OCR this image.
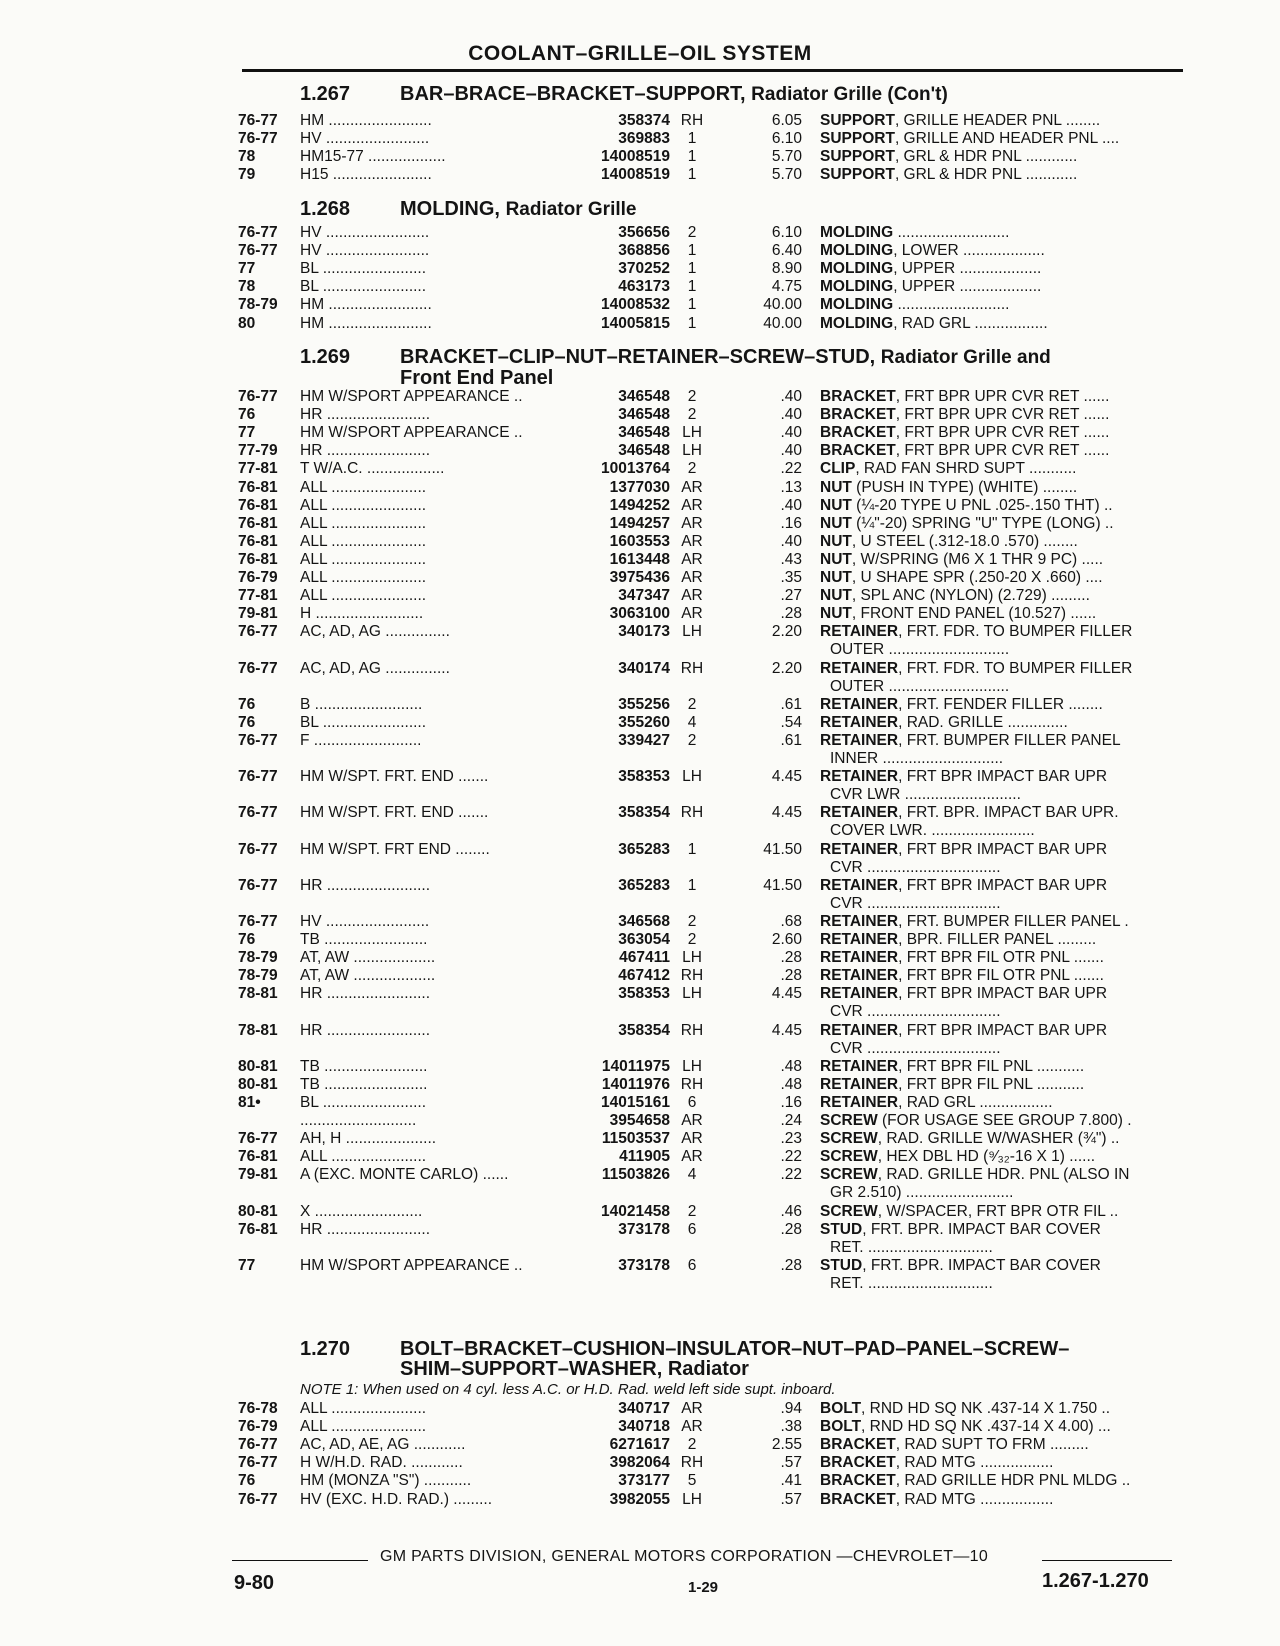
COOLANT–GRILLE–OIL SYSTEM
1.267 BAR–BRACE–BRACKET–SUPPORT, Radiator Grille (Con't)
76-77 HM ........................	358374 RH	6.05 SUPPORT, GRILLE HEADER PNL ........
76-77 HV ........................	369883	1	6.10 SUPPORT, GRILLE AND HEADER PNL ....
78	HM15-77 ..................	14008519	1	5.70 SUPPORT, GRL & HDR PNL ............
79	H15 .......................	14008519	1	5.70 SUPPORT, GRL & HDR PNL ............
1.268 MOLDING, Radiator Grille
76-77 HV ........................	356656	2	6.10 MOLDING ..........................
76-77 HV ........................	368856	1	6.40 MOLDING, LOWER ...................
77	BL ........................	370252	1	8.90 MOLDING, UPPER ...................
78	BL ........................	463173	1	4.75 MOLDING, UPPER ...................
78-79 HM ........................	14008532	1	40.00 MOLDING ..........................
80	HM ........................	14005815	1	40.00 MOLDING, RAD GRL .................
1.269 BRACKET–CLIP–NUT–RETAINER–SCREW–STUD, Radiator Grille and
Front End Panel
76-77 HM W/SPORT APPEARANCE ..	346548	2	.40 BRACKET, FRT BPR UPR CVR RET ......
76	HR ........................	346548	2	.40 BRACKET, FRT BPR UPR CVR RET ......
77	HM W/SPORT APPEARANCE ..	346548 LH	.40 BRACKET, FRT BPR UPR CVR RET ......
77-79 HR ........................	346548 LH	.40 BRACKET, FRT BPR UPR CVR RET ......
77-81 T W/A.C. ..................	10013764	2	.22 CLIP, RAD FAN SHRD SUPT ...........
76-81 ALL ......................	1377030 AR	.13 NUT (PUSH IN TYPE) (WHITE) ........
76-81 ALL ......................	1494252 AR	.40 NUT (¼-20 TYPE U PNL .025-.150 THT) ..
76-81 ALL ......................	1494257 AR	.16 NUT (¼"-20) SPRING "U" TYPE (LONG) ..
76-81 ALL ......................	1603553 AR	.40 NUT, U STEEL (.312-18.0 .570) ........
76-81 ALL ......................	1613448 AR	.43 NUT, W/SPRING (M6 X 1 THR 9 PC) .....
76-79 ALL ......................	3975436 AR	.35 NUT, U SHAPE SPR (.250-20 X .660) ....
77-81 ALL ......................	347347 AR	.27 NUT, SPL ANC (NYLON) (2.729) .........
79-81 H .........................	3063100 AR	.28 NUT, FRONT END PANEL (10.527) ......
76-77 AC, AD, AG ...............	340173 LH	2.20 RETAINER, FRT. FDR. TO BUMPER FILLER
OUTER ............................
76-77 AC, AD, AG ...............	340174 RH	2.20 RETAINER, FRT. FDR. TO BUMPER FILLER
OUTER ............................
76	B .........................	355256	2	.61 RETAINER, FRT. FENDER FILLER ........
76	BL ........................	355260	4	.54 RETAINER, RAD. GRILLE ..............
76-77 F .........................	339427	2	.61 RETAINER, FRT. BUMPER FILLER PANEL
INNER ............................
76-77 HM W/SPT. FRT. END .......	358353 LH	4.45 RETAINER, FRT BPR IMPACT BAR UPR
CVR LWR ...........................
76-77 HM W/SPT. FRT. END .......	358354 RH	4.45 RETAINER, FRT. BPR. IMPACT BAR UPR.
COVER LWR. ........................
76-77 HM W/SPT. FRT END ........	365283	1	41.50 RETAINER, FRT BPR IMPACT BAR UPR
CVR ...............................
76-77 HR ........................	365283	1	41.50 RETAINER, FRT BPR IMPACT BAR UPR
CVR ...............................
76-77 HV ........................	346568	2	.68 RETAINER, FRT. BUMPER FILLER PANEL .
76	TB ........................	363054	2	2.60 RETAINER, BPR. FILLER PANEL .........
78-79 AT, AW ...................	467411 LH	.28 RETAINER, FRT BPR FIL OTR PNL .......
78-79 AT, AW ...................	467412 RH	.28 RETAINER, FRT BPR FIL OTR PNL .......
78-81 HR ........................	358353 LH	4.45 RETAINER, FRT BPR IMPACT BAR UPR
CVR ...............................
78-81 HR ........................	358354 RH	4.45 RETAINER, FRT BPR IMPACT BAR UPR
CVR ...............................
80-81 TB ........................	14011975 LH	.48 RETAINER, FRT BPR FIL PNL ...........
80-81 TB ........................	14011976 RH	.48 RETAINER, FRT BPR FIL PNL ...........
81•	BL ........................	14015161	6	.16 RETAINER, RAD GRL .................
...........................	3954658 AR	.24 SCREW (FOR USAGE SEE GROUP 7.800) .
76-77 AH, H .....................	11503537 AR	.23 SCREW, RAD. GRILLE W/WASHER (¾") ..
76-81 ALL ......................	411905 AR	.22 SCREW, HEX DBL HD (⁹⁄₃₂-16 X 1) ......
79-81 A (EXC. MONTE CARLO) ......	11503826	4	.22 SCREW, RAD. GRILLE HDR. PNL (ALSO IN
GR 2.510) .........................
80-81 X .........................	14021458	2	.46 SCREW, W/SPACER, FRT BPR OTR FIL ..
76-81 HR ........................	373178	6	.28 STUD, FRT. BPR. IMPACT BAR COVER
RET. .............................
77	HM W/SPORT APPEARANCE ..	373178	6	.28 STUD, FRT. BPR. IMPACT BAR COVER
RET. .............................
1.270 BOLT–BRACKET–CUSHION–INSULATOR–NUT–PAD–PANEL–SCREW–
SHIM–SUPPORT–WASHER, Radiator
NOTE 1: When used on 4 cyl. less A.C. or H.D. Rad. weld left side supt. inboard.
76-78 ALL ......................	340717 AR	.94 BOLT, RND HD SQ NK .437-14 X 1.750 ..
76-79 ALL ......................	340718 AR	.38 BOLT, RND HD SQ NK .437-14 X 4.00) ...
76-77 AC, AD, AE, AG ............	6271617	2	2.55 BRACKET, RAD SUPT TO FRM .........
76-77 H W/H.D. RAD. ............	3982064 RH	.57 BRACKET, RAD MTG .................
76	HM (MONZA "S") ...........	373177	5	.41 BRACKET, RAD GRILLE HDR PNL MLDG ..
76-77 HV (EXC. H.D. RAD.) .........	3982055 LH	.57 BRACKET, RAD MTG .................
GM PARTS DIVISION, GENERAL MOTORS CORPORATION —CHEVROLET—10
9-80	1-29	1.267-1.270
